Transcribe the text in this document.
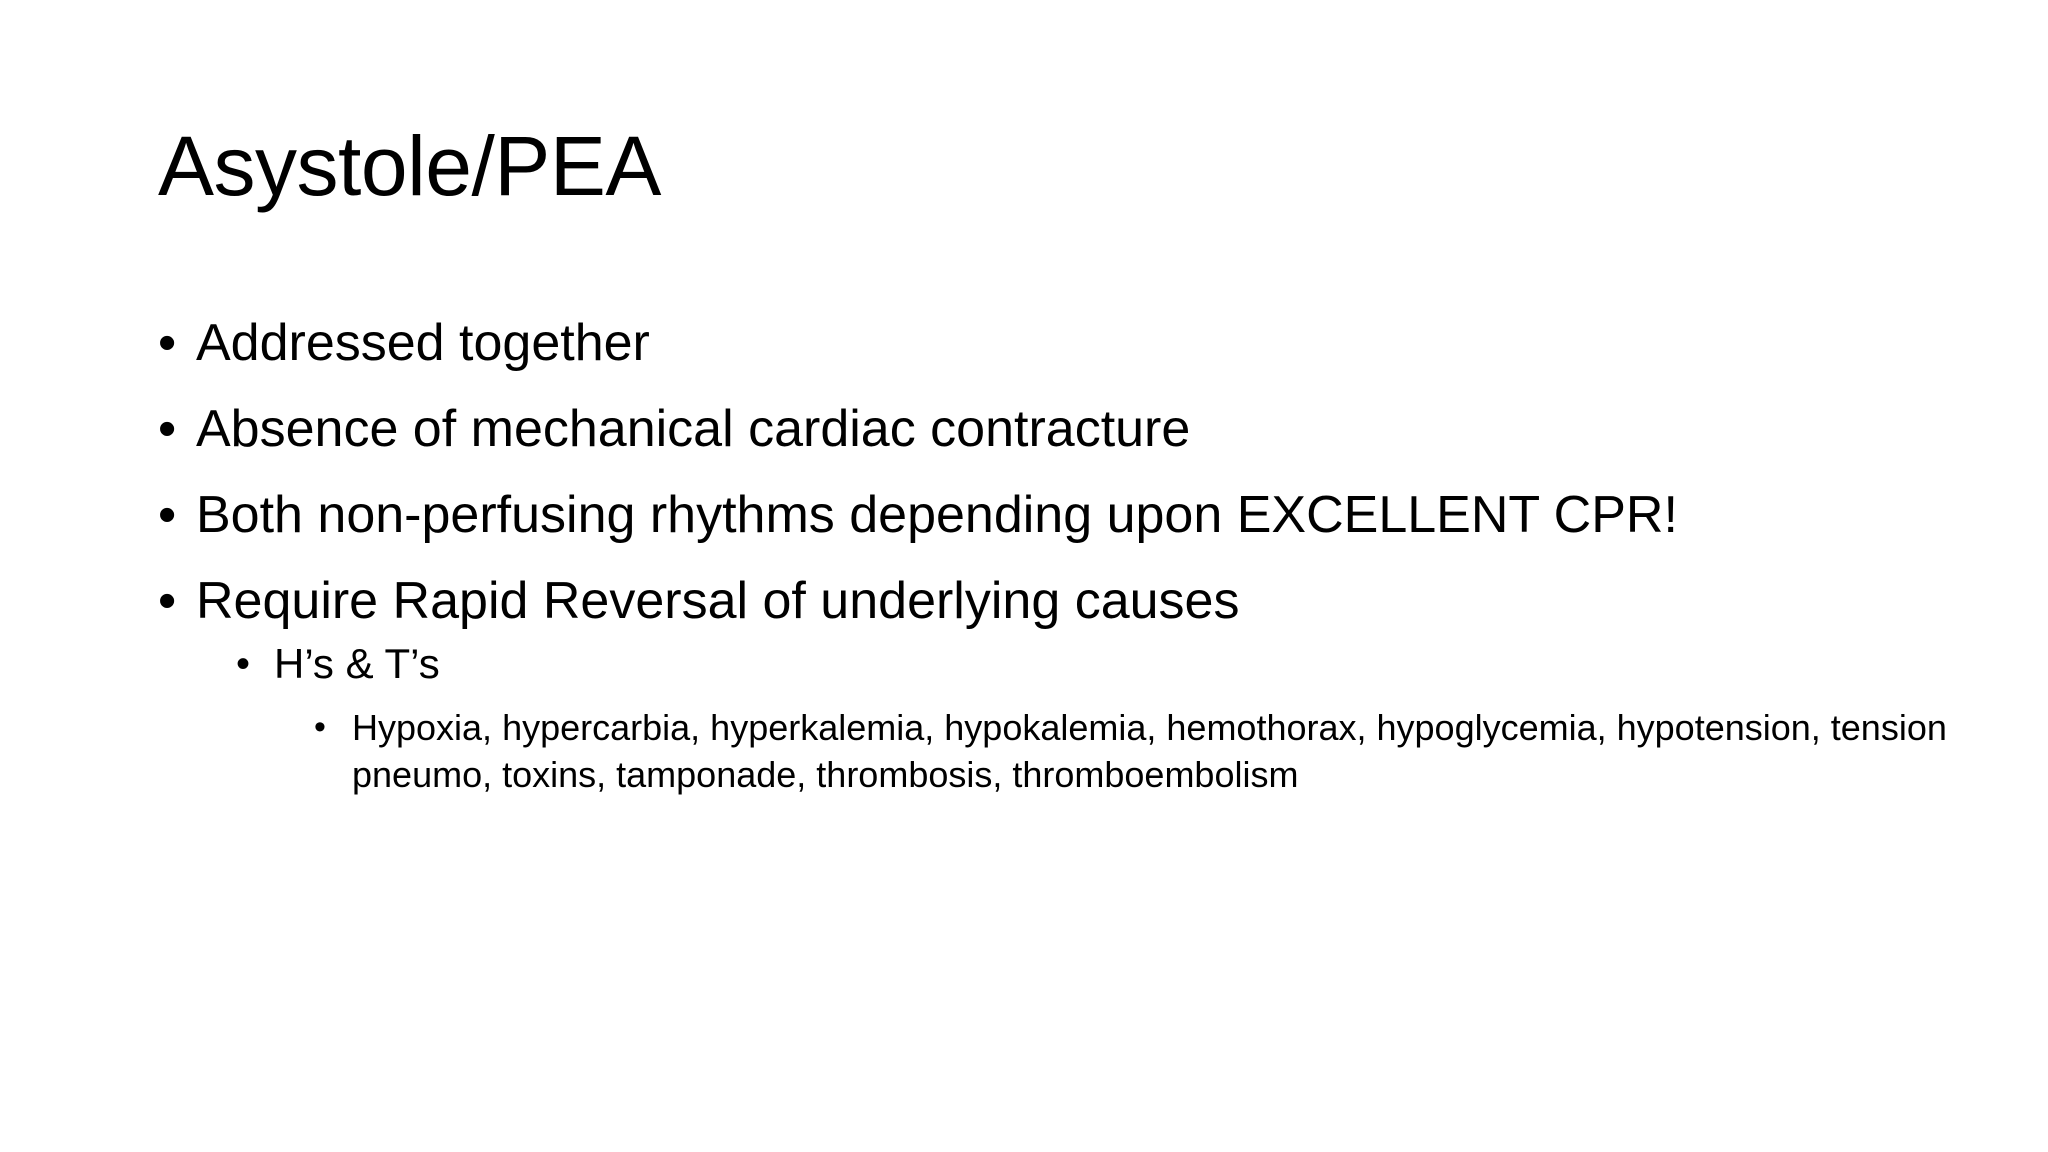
Asystole/PEA
• Addressed together
• Absence of mechanical cardiac contracture
• Both non-perfusing rhythms depending upon EXCELLENT CPR!
• Require Rapid Reversal of underlying causes
• H’s & T’s
• Hypoxia, hypercarbia, hyperkalemia, hypokalemia, hemothorax, hypoglycemia, hypotension, tension pneumo, toxins, tamponade, thrombosis, thromboembolism
